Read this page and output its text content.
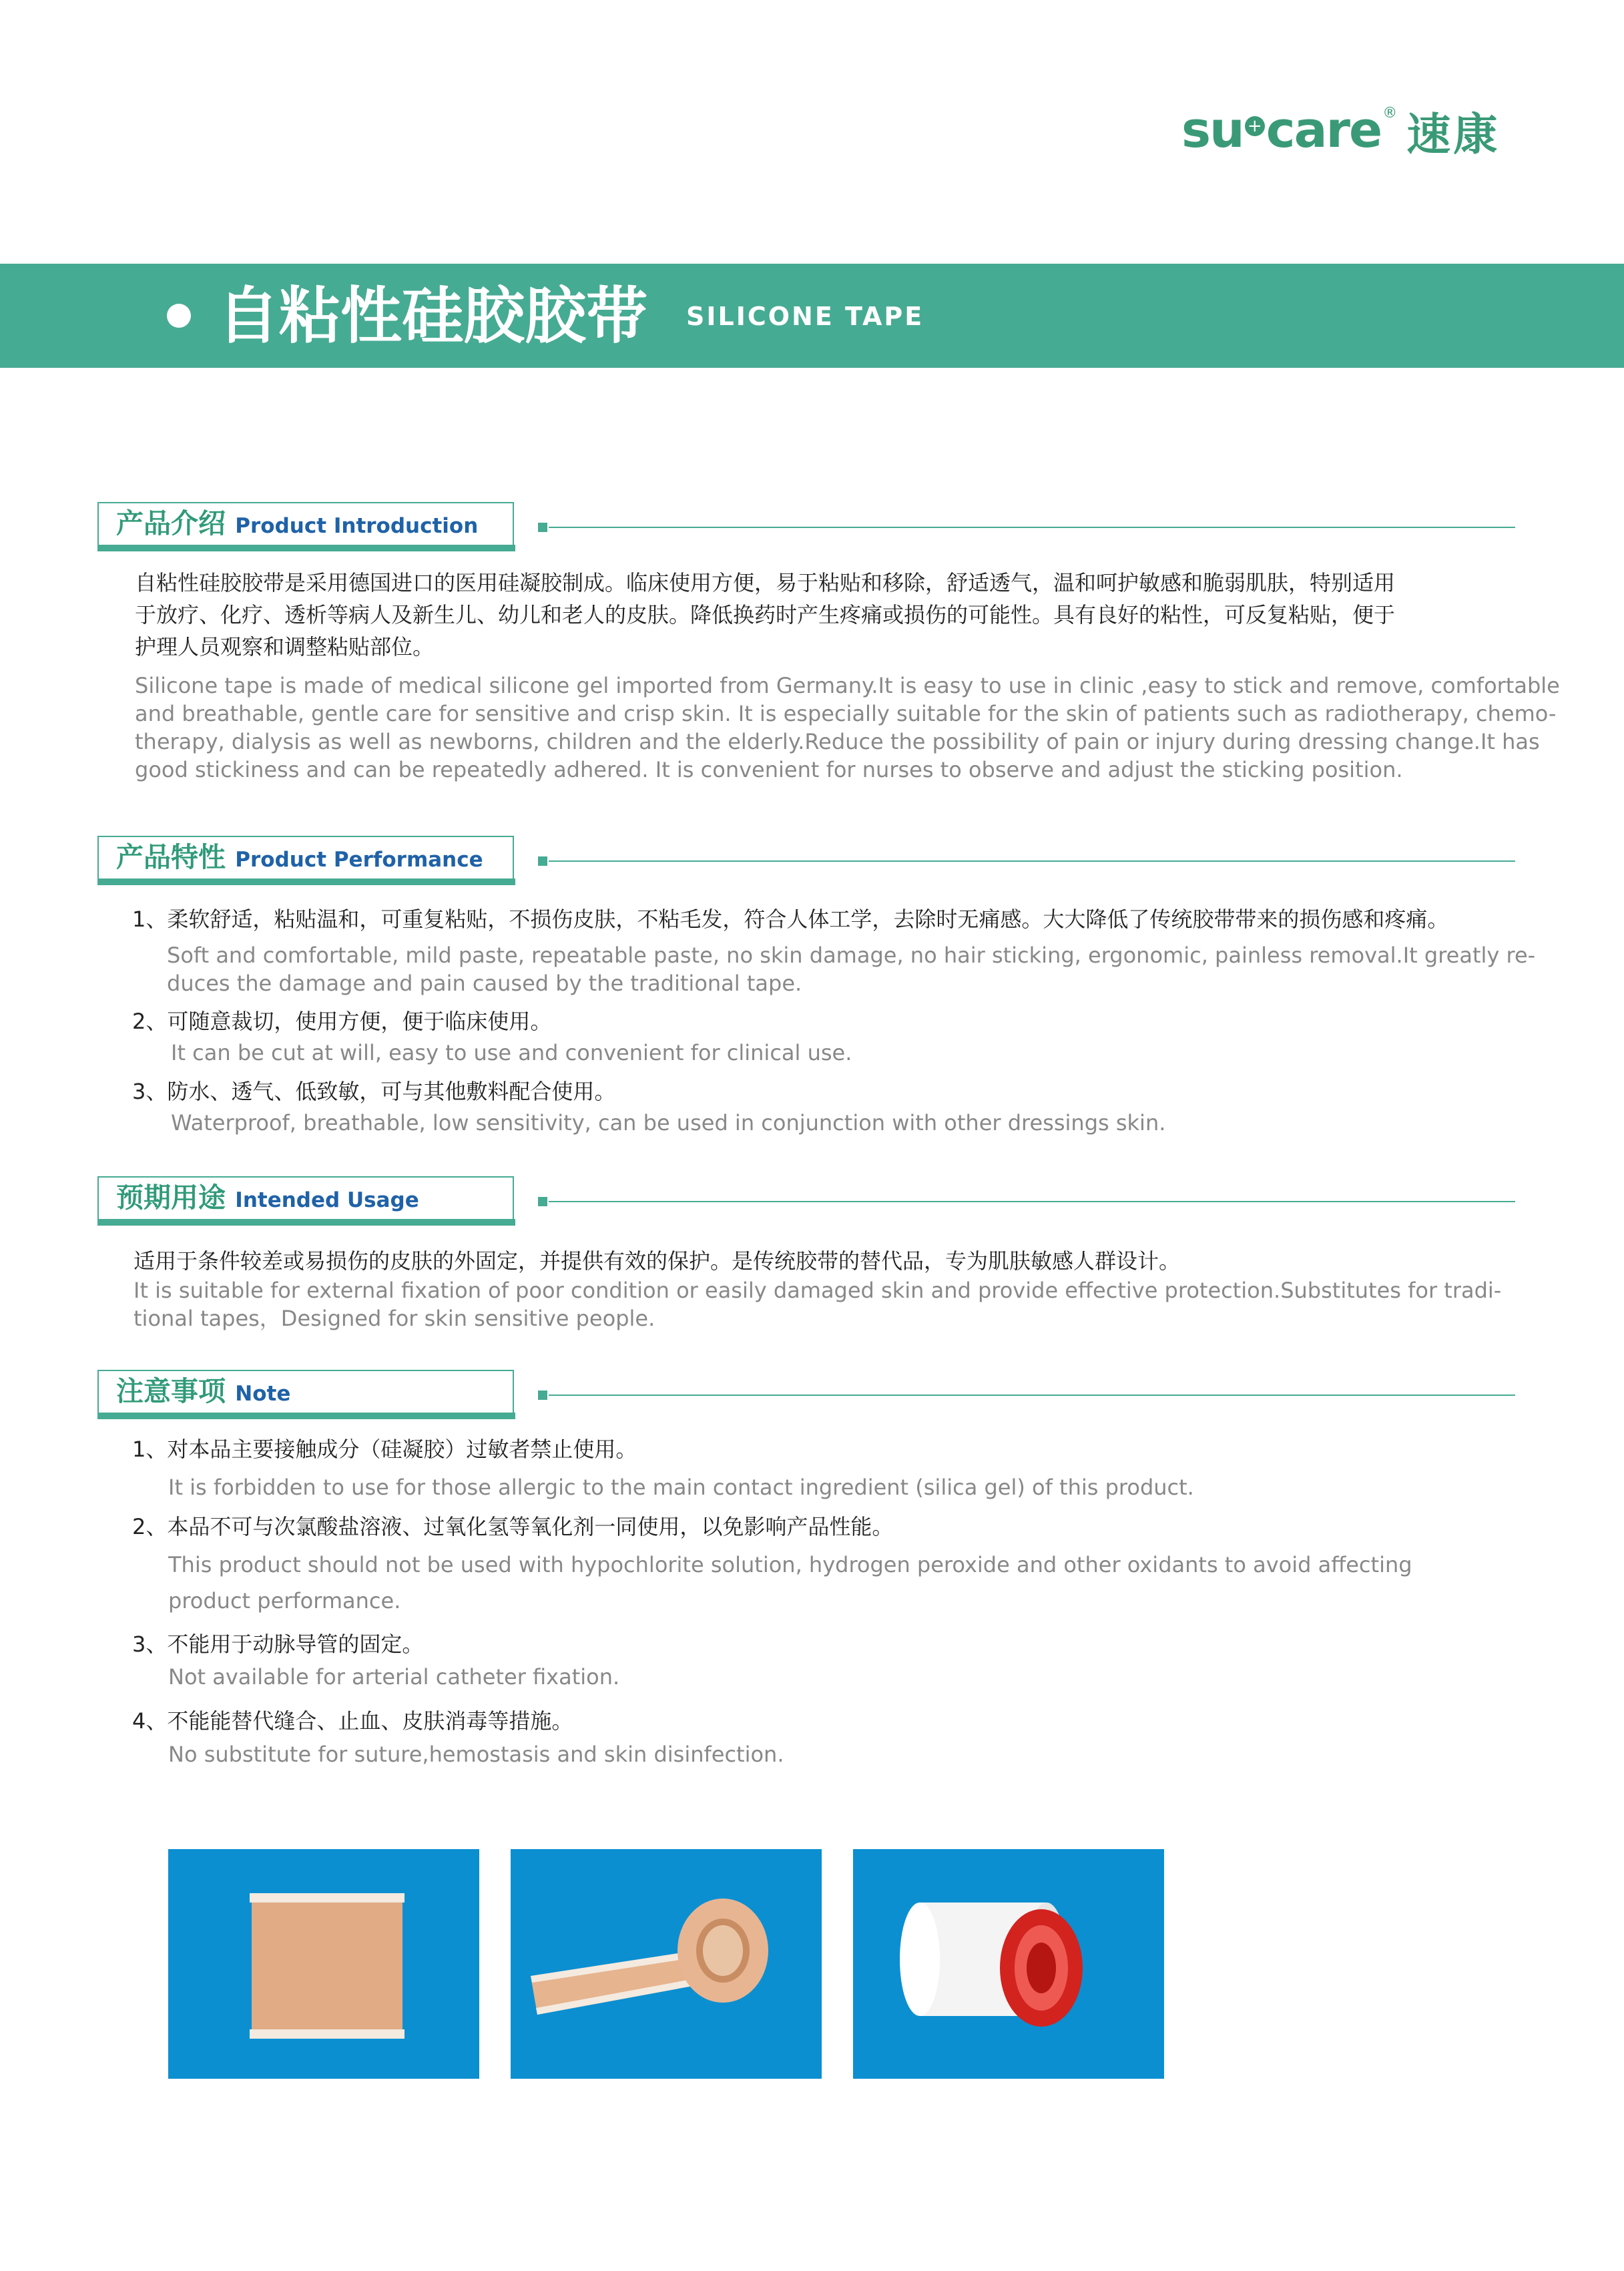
su + care ® 速康
自粘性硅胶胶带 SILICONE TAPE
产品介绍 Product Introduction
自粘性硅胶胶带是采用德国进口的医用硅凝胶制成。临床使用方便，易于粘贴和移除，舒适透气，温和呵护敏感和脆弱肌肤，特别适用
于放疗、化疗、透析等病人及新生儿、幼儿和老人的皮肤。降低换药时产生疼痛或损伤的可能性。具有良好的粘性，可反复粘贴，便于
护理人员观察和调整粘贴部位。
Silicone tape is made of medical silicone gel imported from Germany.It is easy to use in clinic ,easy to stick and remove, comfortable
and breathable, gentle care for sensitive and crisp skin. It is especially suitable for the skin of patients such as radiotherapy, chemo-
therapy, dialysis as well as newborns, children and the elderly.Reduce the possibility of pain or injury during dressing change.It has
good stickiness and can be repeatedly adhered. It is convenient for nurses to observe and adjust the sticking position.
产品特性 Product Performance
1、柔软舒适，粘贴温和，可重复粘贴，不损伤皮肤，不粘毛发，符合人体工学，去除时无痛感。大大降低了传统胶带带来的损伤感和疼痛。
Soft and comfortable, mild paste, repeatable paste, no skin damage, no hair sticking, ergonomic, painless removal.It greatly re-
duces the damage and pain caused by the traditional tape.
2、可随意裁切，使用方便，便于临床使用。
It can be cut at will, easy to use and convenient for clinical use.
3、防水、透气、低致敏，可与其他敷料配合使用。
Waterproof, breathable, low sensitivity, can be used in conjunction with other dressings skin.
预期用途 Intended Usage
适用于条件较差或易损伤的皮肤的外固定，并提供有效的保护。是传统胶带的替代品，专为肌肤敏感人群设计。
It is suitable for external fixation of poor condition or easily damaged skin and provide effective protection.Substitutes for tradi-
tional tapes，Designed for skin sensitive people.
注意事项 Note
1、对本品主要接触成分（硅凝胶）过敏者禁止使用。
It is forbidden to use for those allergic to the main contact ingredient (silica gel) of this product.
2、本品不可与次氯酸盐溶液、过氧化氢等氧化剂一同使用，以免影响产品性能。
This product should not be used with hypochlorite solution, hydrogen peroxide and other oxidants to avoid affecting
product performance.
3、不能用于动脉导管的固定。
Not available for arterial catheter fixation.
4、不能能替代缝合、止血、皮肤消毒等措施。
No substitute for suture,hemostasis and skin disinfection.
